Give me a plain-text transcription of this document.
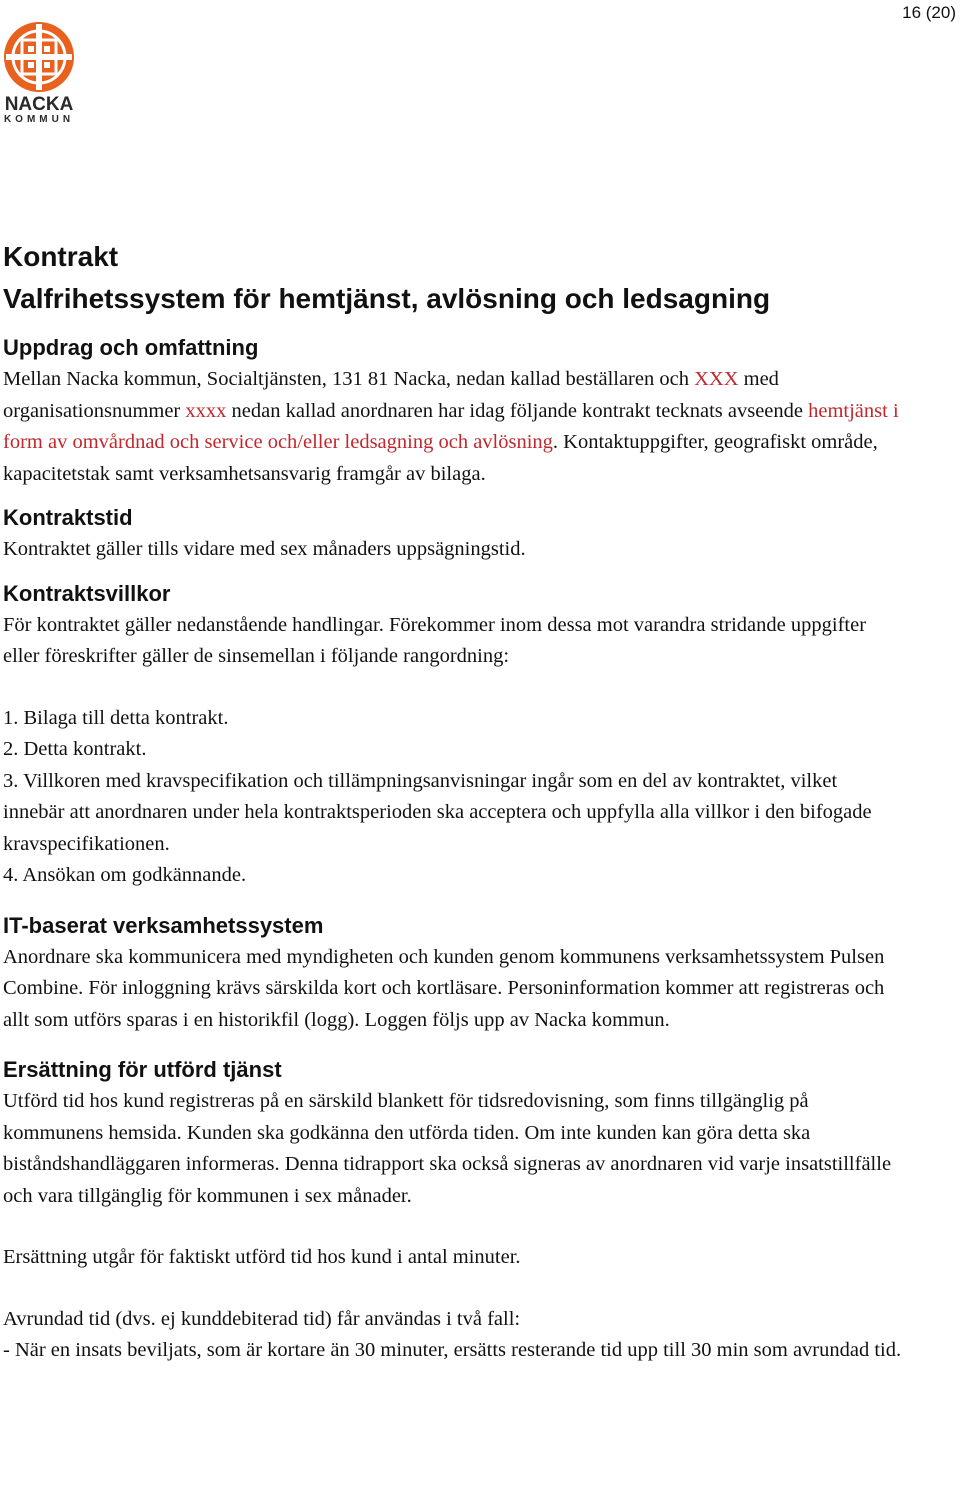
16 (20)
NACKA
KOMMUN
Kontrakt
Valfrihetssystem för hemtjänst, avlösning och ledsagning
Uppdrag och omfattning

Mellan Nacka kommun, Socialtjänsten, 131 81 Nacka, nedan kallad beställaren och XXX med organisationsnummer xxxx nedan kallad anordnaren har idag följande kontrakt tecknats avseende hemtjänst i form av omvårdnad och service och/eller ledsagning och avlösning. Kontaktuppgifter, geografiskt område, kapacitetstak samt verksamhetsansvarig framgår av bilaga.

Kontraktstid

Kontraktet gäller tills vidare med sex månaders uppsägningstid.

Kontraktsvillkor

För kontraktet gäller nedanstående handlingar. Förekommer inom dessa mot varandra stridande uppgifter eller föreskrifter gäller de sinsemellan i följande rangordning:

1. Bilaga till detta kontrakt.

2. Detta kontrakt.

3. Villkoren med kravspecifikation och tillämpningsanvisningar ingår som en del av kontraktet, vilket innebär att anordnaren under hela kontraktsperioden ska acceptera och uppfylla alla villkor i den bifogade kravspecifikationen.

4. Ansökan om godkännande.

IT-baserat verksamhetssystem

Anordnare ska kommunicera med myndigheten och kunden genom kommunens verksamhetssystem Pulsen Combine. För inloggning krävs särskilda kort och kortläsare. Personinformation kommer att registreras och allt som utförs sparas i en historikfil (logg). Loggen följs upp av Nacka kommun.

Ersättning för utförd tjänst

Utförd tid hos kund registreras på en särskild blankett för tidsredovisning, som finns tillgänglig på kommunens hemsida. Kunden ska godkänna den utförda tiden. Om inte kunden kan göra detta ska biståndshandläggaren informeras. Denna tidrapport ska också signeras av anordnaren vid varje insatstillfälle och vara tillgänglig för kommunen i sex månader.

Ersättning utgår för faktiskt utförd tid hos kund i antal minuter.

Avrundad tid (dvs. ej kunddebiterad tid) får användas i två fall:

- När en insats beviljats, som är kortare än 30 minuter, ersätts resterande tid upp till 30 min som avrundad tid.
